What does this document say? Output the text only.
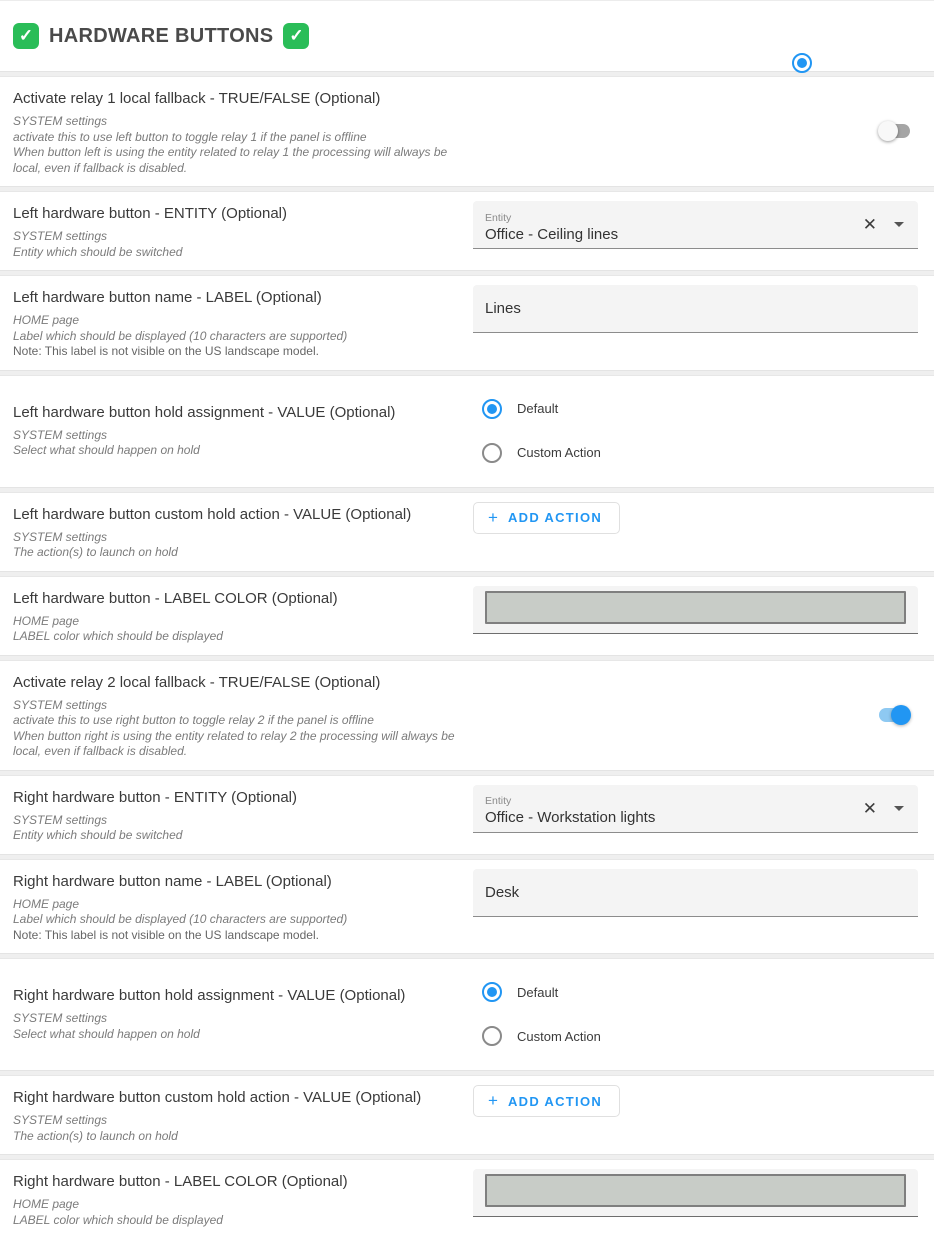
✓ HARDWARE BUTTONS ✓
Activate relay 1 local fallback - TRUE/FALSE (Optional)
SYSTEM settings
activate this to use left button to toggle relay 1 if the panel is offline
When button left is using the entity related to relay 1 the processing will always be local, even if fallback is disabled.
Left hardware button - ENTITY (Optional)
SYSTEM settings
Entity which should be switched
Entity
Office - Ceiling lines	✕
Left hardware button name - LABEL (Optional)
HOME page
Label which should be displayed (10 characters are supported)
Note: This label is not visible on the US landscape model.
Lines
Left hardware button hold assignment - VALUE (Optional)
SYSTEM settings
Select what should happen on hold
Default
Custom Action
Left hardware button custom hold action - VALUE (Optional)
SYSTEM settings
The action(s) to launch on hold
+ ADD ACTION
Left hardware button - LABEL COLOR (Optional)
HOME page
LABEL color which should be displayed
Activate relay 2 local fallback - TRUE/FALSE (Optional)
SYSTEM settings
activate this to use right button to toggle relay 2 if the panel is offline
When button right is using the entity related to relay 2 the processing will always be local, even if fallback is disabled.
Right hardware button - ENTITY (Optional)
SYSTEM settings
Entity which should be switched
Entity
Office - Workstation lights	✕
Right hardware button name - LABEL (Optional)
HOME page
Label which should be displayed (10 characters are supported)
Note: This label is not visible on the US landscape model.
Desk
Right hardware button hold assignment - VALUE (Optional)
SYSTEM settings
Select what should happen on hold
Default
Custom Action
Right hardware button custom hold action - VALUE (Optional)
SYSTEM settings
The action(s) to launch on hold
+ ADD ACTION
Right hardware button - LABEL COLOR (Optional)
HOME page
LABEL color which should be displayed
